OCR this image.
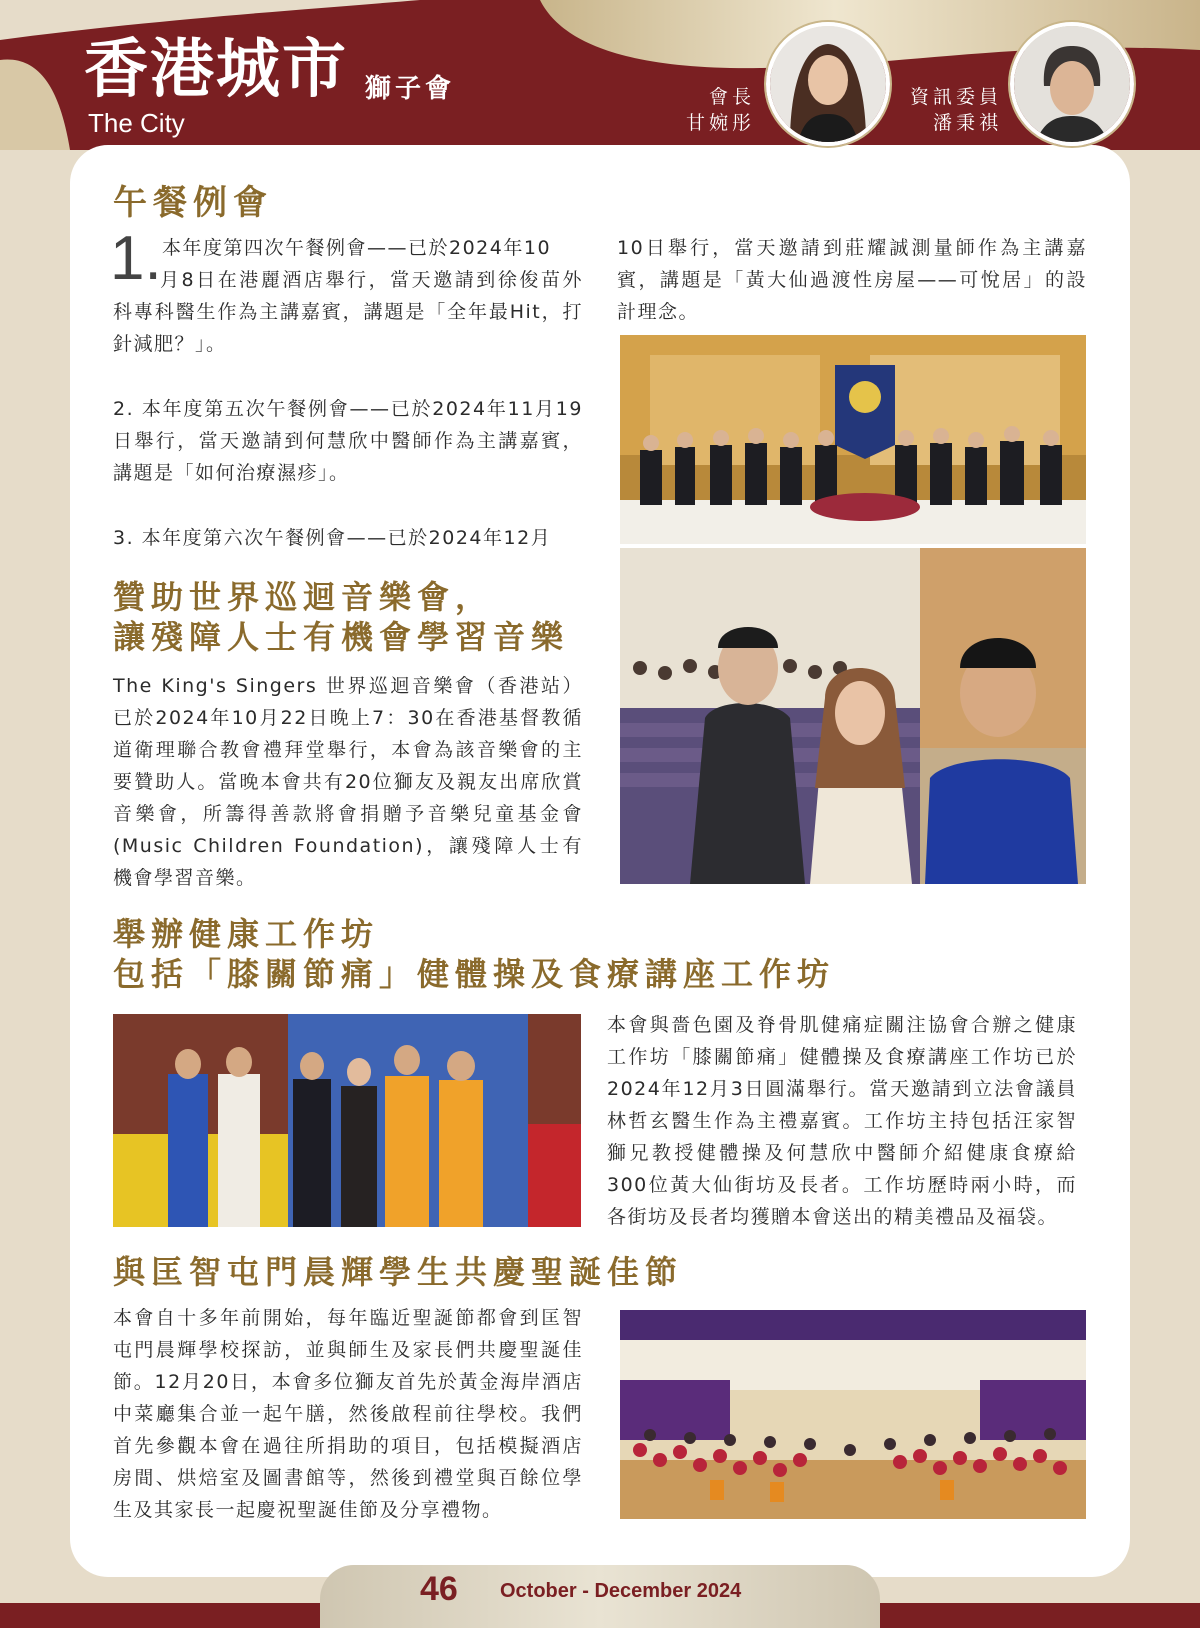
香港城市 獅子會
The City
會長
甘婉彤
資訊委員
潘秉祺
午餐例會
1. 本年度第四次午餐例會——已於2024年10
月8日在港麗酒店舉行，當天邀請到徐俊苗外科專科醫生作為主講嘉賓，講題是「全年最Hit，打針減肥？」。
2. 本年度第五次午餐例會——已於2024年11月19日舉行，當天邀請到何慧欣中醫師作為主講嘉賓，講題是「如何治療濕疹」。
3. 本年度第六次午餐例會——已於2024年12月
10日舉行，當天邀請到莊耀誠測量師作為主講嘉賓，講題是「黃大仙過渡性房屋——可悅居」的設計理念。
贊助世界巡迴音樂會，
讓殘障人士有機會學習音樂
The King's Singers 世界巡迴音樂會（香港站）已於2024年10月22日晚上7：30在香港基督教循道衛理聯合教會禮拜堂舉行，本會為該音樂會的主要贊助人。當晚本會共有20位獅友及親友出席欣賞音樂會，所籌得善款將會捐贈予音樂兒童基金會(Music Children Foundation)，讓殘障人士有機會學習音樂。
舉辦健康工作坊
包括「膝關節痛」健體操及食療講座工作坊
本會與嗇色園及脊骨肌健痛症關注協會合辦之健康工作坊「膝關節痛」健體操及食療講座工作坊已於2024年12月3日圓滿舉行。當天邀請到立法會議員林哲玄醫生作為主禮嘉賓。工作坊主持包括汪家智獅兄教授健體操及何慧欣中醫師介紹健康食療給300位黃大仙街坊及長者。工作坊歷時兩小時，而各街坊及長者均獲贈本會送出的精美禮品及福袋。
與匡智屯門晨輝學生共慶聖誕佳節
本會自十多年前開始，每年臨近聖誕節都會到匡智屯門晨輝學校探訪，並與師生及家長們共慶聖誕佳節。12月20日，本會多位獅友首先於黃金海岸酒店中菜廳集合並一起午膳，然後啟程前往學校。我們首先參觀本會在過往所捐助的項目，包括模擬酒店房間、烘焙室及圖書館等，然後到禮堂與百餘位學生及其家長一起慶祝聖誕佳節及分享禮物。
46 October - December 2024
